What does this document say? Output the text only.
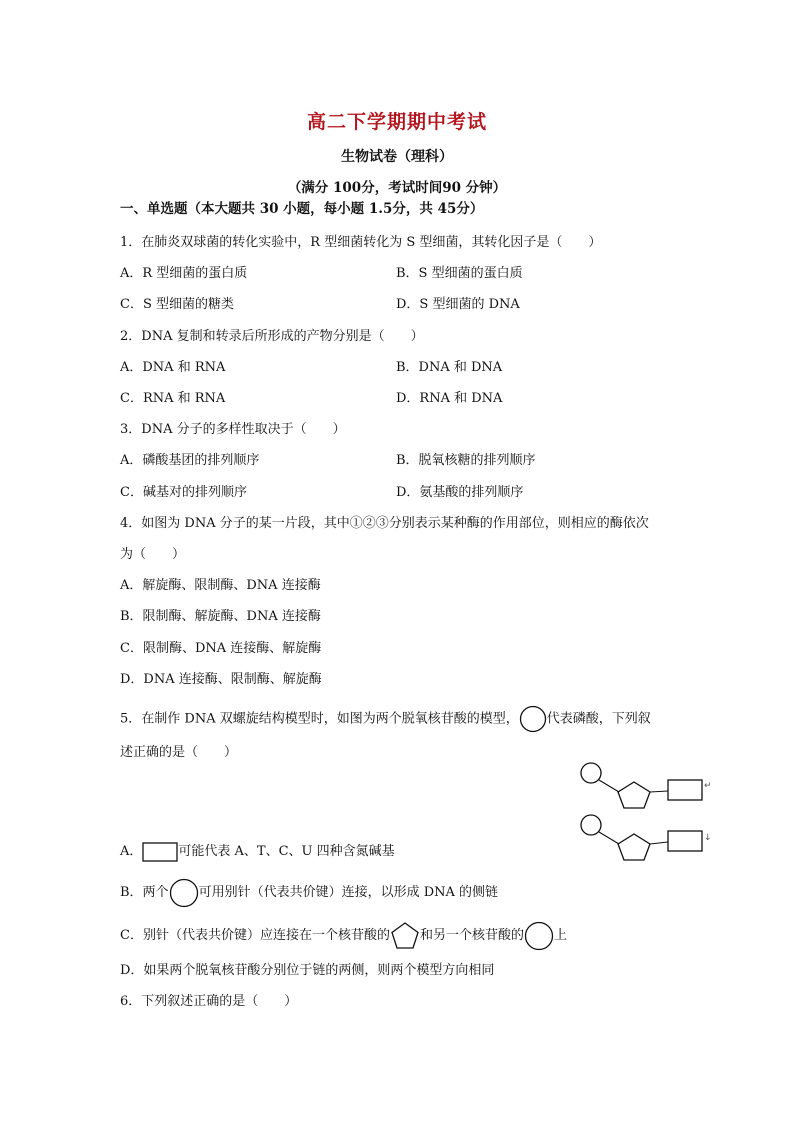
高二下学期期中考试
生物试卷（理科）
（满分 100分，考试时间90 分钟）
一、单选题（本大题共 30 小题，每小题 1.5分，共 45分）
1．在肺炎双球菌的转化实验中，R 型细菌转化为 S 型细菌，其转化因子是（　　）
A．R 型细菌的蛋白质	B．S 型细菌的蛋白质
C．S 型细菌的糖类	D．S 型细菌的 DNA
2．DNA 复制和转录后所形成的产物分别是（　　）
A．DNA 和 RNA	B．DNA 和 DNA
C．RNA 和 RNA	D．RNA 和 DNA
3．DNA 分子的多样性取决于（　　）
A．磷酸基团的排列顺序	B．脱氧核糖的排列顺序
C．碱基对的排列顺序	D．氨基酸的排列顺序
4．如图为 DNA 分子的某一片段，其中①②③分别表示某种酶的作用部位，则相应的酶依次
为（　　）
A．解旋酶、限制酶、DNA 连接酶
B．限制酶、解旋酶、DNA 连接酶
C．限制酶、DNA 连接酶、解旋酶
D．DNA 连接酶、限制酶、解旋酶
5．在制作 DNA 双螺旋结构模型时，如图为两个脱氧核苷酸的模型， 代表磷酸，下列叙
述正确的是（　　）
↵
↓
A．	可能代表 A、T、C、U 四种含氮碱基
B．两个 可用别针（代表共价键）连接，以形成 DNA 的侧链
C．别针（代表共价键）应连接在一个核苷酸的 和另一个核苷酸的 上
D．如果两个脱氧核苷酸分别位于链的两侧，则两个模型方向相同
6．下列叙述正确的是（　　）
